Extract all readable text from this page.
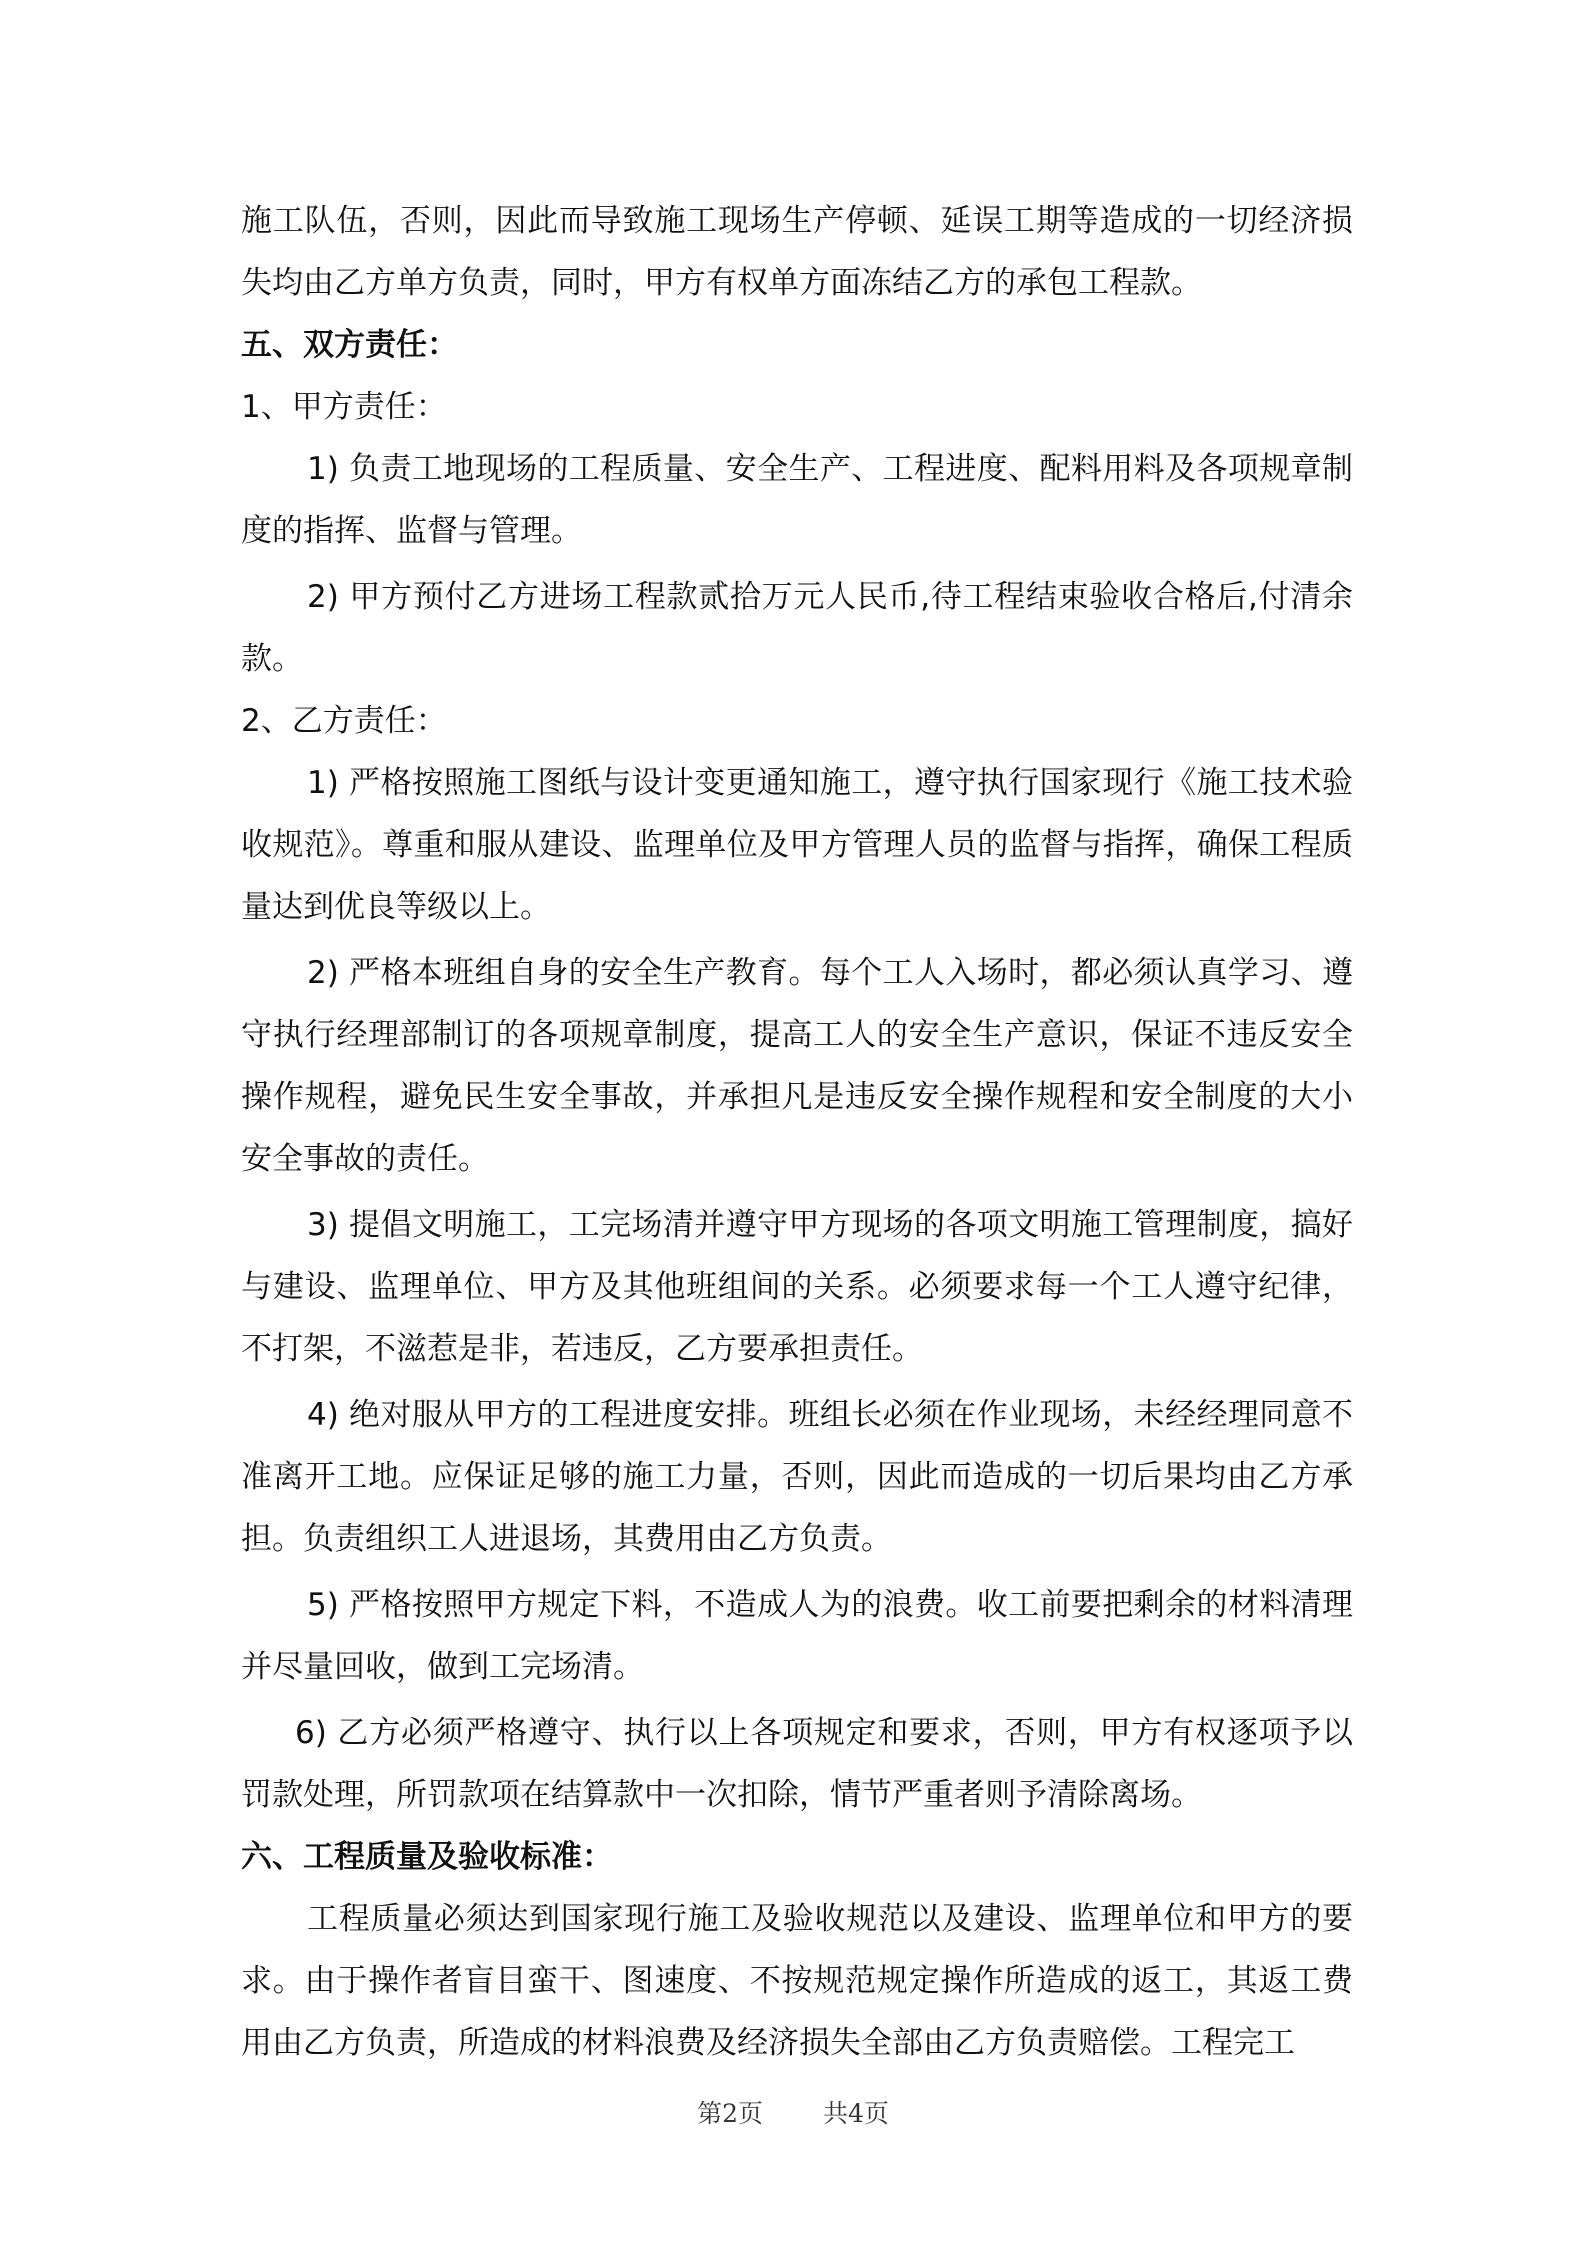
施工队伍，否则，因此而导致施工现场生产停顿、延误工期等造成的一切经济损失均由乙方单方负责，同时，甲方有权单方面冻结乙方的承包工程款。

五、双方责任：

1、甲方责任：

1) 负责工地现场的工程质量、安全生产、工程进度、配料用料及各项规章制度的指挥、监督与管理。

2) 甲方预付乙方进场工程款贰拾万元人民币,待工程结束验收合格后,付清余款。

2、乙方责任：

1) 严格按照施工图纸与设计变更通知施工，遵守执行国家现行《施工技术验收规范》。尊重和服从建设、监理单位及甲方管理人员的监督与指挥，确保工程质量达到优良等级以上。

2) 严格本班组自身的安全生产教育。每个工人入场时，都必须认真学习、遵守执行经理部制订的各项规章制度，提高工人的安全生产意识，保证不违反安全操作规程，避免民生安全事故，并承担凡是违反安全操作规程和安全制度的大小安全事故的责任。

3) 提倡文明施工，工完场清并遵守甲方现场的各项文明施工管理制度，搞好与建设、监理单位、甲方及其他班组间的关系。必须要求每一个工人遵守纪律，不打架，不滋惹是非，若违反，乙方要承担责任。

4) 绝对服从甲方的工程进度安排。班组长必须在作业现场，未经经理同意不准离开工地。应保证足够的施工力量，否则，因此而造成的一切后果均由乙方承担。负责组织工人进退场，其费用由乙方负责。

5) 严格按照甲方规定下料，不造成人为的浪费。收工前要把剩余的材料清理并尽量回收，做到工完场清。

6) 乙方必须严格遵守、执行以上各项规定和要求，否则，甲方有权逐项予以罚款处理，所罚款项在结算款中一次扣除，情节严重者则予清除离场。

六、工程质量及验收标准：

工程质量必须达到国家现行施工及验收规范以及建设、监理单位和甲方的要求。由于操作者盲目蛮干、图速度、不按规范规定操作所造成的返工，其返工费用由乙方负责，所造成的材料浪费及经济损失全部由乙方负责赔偿。工程完工

第2页 共4页
